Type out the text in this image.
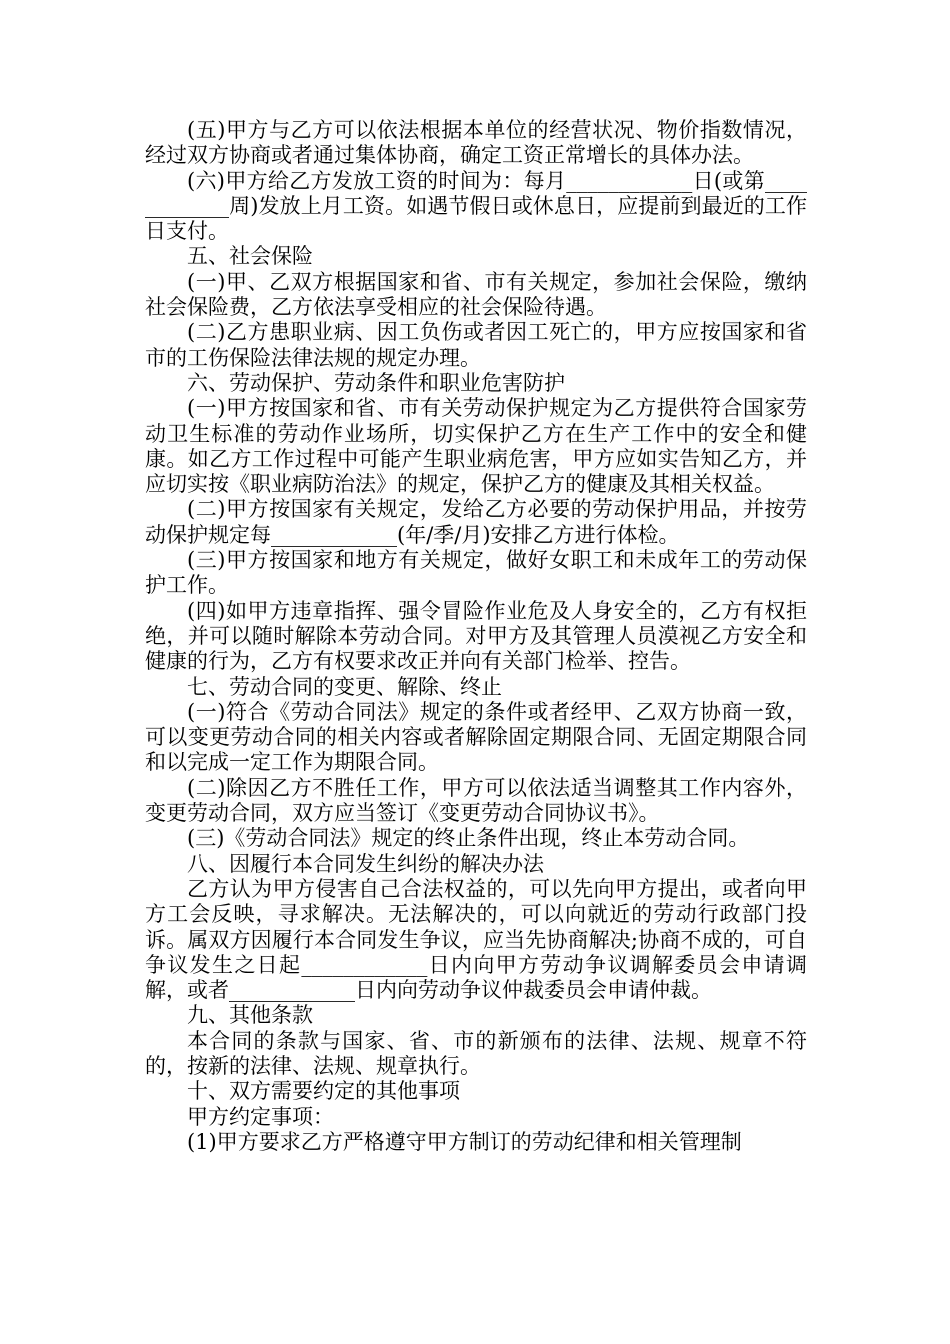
(五)甲方与乙方可以依法根据本单位的经营状况、物价指数情况，经过双方协商或者通过集体协商，确定工资正常增长的具体办法。

(六)甲方给乙方发放工资的时间为：每月____________日(或第____________周)发放上月工资。如遇节假日或休息日，应提前到最近的工作日支付。

五、社会保险

(一)甲、乙双方根据国家和省、市有关规定，参加社会保险，缴纳社会保险费，乙方依法享受相应的社会保险待遇。

(二)乙方患职业病、因工负伤或者因工死亡的，甲方应按国家和省市的工伤保险法律法规的规定办理。

六、劳动保护、劳动条件和职业危害防护

(一)甲方按国家和省、市有关劳动保护规定为乙方提供符合国家劳动卫生标准的劳动作业场所，切实保护乙方在生产工作中的安全和健康。如乙方工作过程中可能产生职业病危害，甲方应如实告知乙方，并应切实按《职业病防治法》的规定，保护乙方的健康及其相关权益。

(二)甲方按国家有关规定，发给乙方必要的劳动保护用品，并按劳动保护规定每____________(年/季/月)安排乙方进行体检。

(三)甲方按国家和地方有关规定，做好女职工和未成年工的劳动保护工作。

(四)如甲方违章指挥、强令冒险作业危及人身安全的，乙方有权拒绝，并可以随时解除本劳动合同。对甲方及其管理人员漠视乙方安全和健康的行为，乙方有权要求改正并向有关部门检举、控告。

七、劳动合同的变更、解除、终止

(一)符合《劳动合同法》规定的条件或者经甲、乙双方协商一致，可以变更劳动合同的相关内容或者解除固定期限合同、无固定期限合同和以完成一定工作为期限合同。

(二)除因乙方不胜任工作，甲方可以依法适当调整其工作内容外，变更劳动合同，双方应当签订《变更劳动合同协议书》。

(三)《劳动合同法》规定的终止条件出现，终止本劳动合同。

八、因履行本合同发生纠纷的解决办法

乙方认为甲方侵害自己合法权益的，可以先向甲方提出，或者向甲方工会反映，寻求解决。无法解决的，可以向就近的劳动行政部门投诉。属双方因履行本合同发生争议，应当先协商解决;协商不成的，可自争议发生之日起____________日内向甲方劳动争议调解委员会申请调解，或者____________日内向劳动争议仲裁委员会申请仲裁。

九、其他条款

本合同的条款与国家、省、市的新颁布的法律、法规、规章不符的，按新的法律、法规、规章执行。

十、双方需要约定的其他事项

甲方约定事项：

(1)甲方要求乙方严格遵守甲方制订的劳动纪律和相关管理制
